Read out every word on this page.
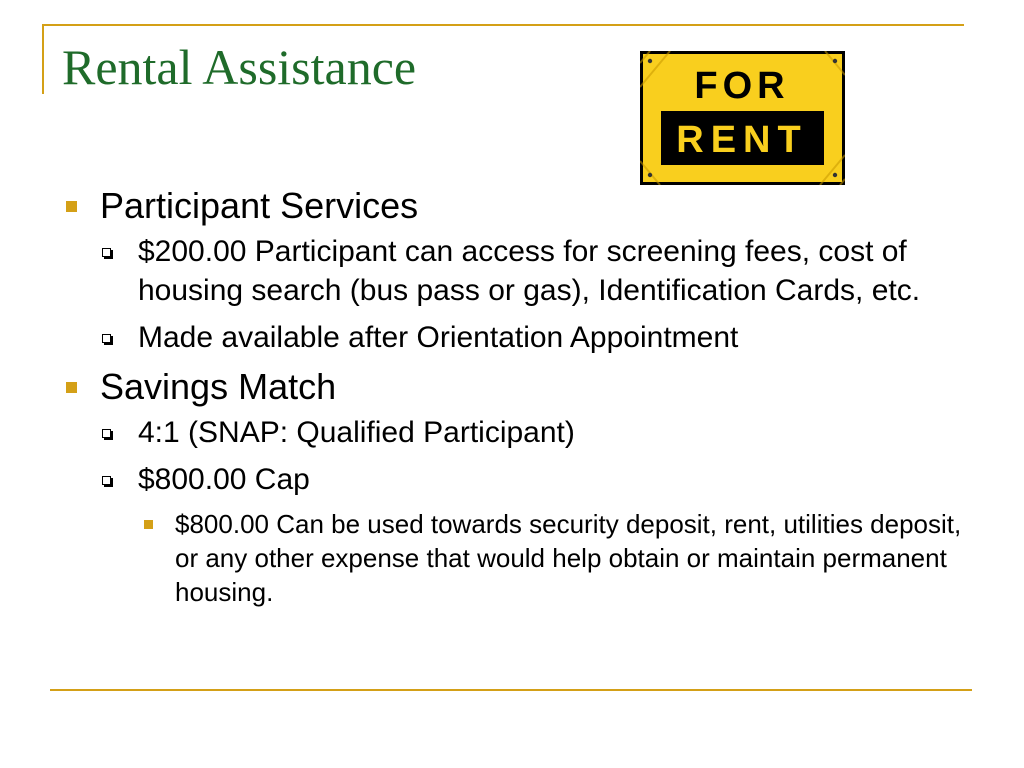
Rental Assistance	FOR
RENT
Participant Services
$200.00 Participant can access for screening fees, cost of housing search (bus pass or gas), Identification Cards, etc.
Made available after Orientation Appointment
Savings Match
4:1 (SNAP: Qualified Participant)
$800.00 Cap
$800.00 Can be used towards security deposit, rent, utilities deposit, or any other expense that would help obtain or maintain permanent housing.
